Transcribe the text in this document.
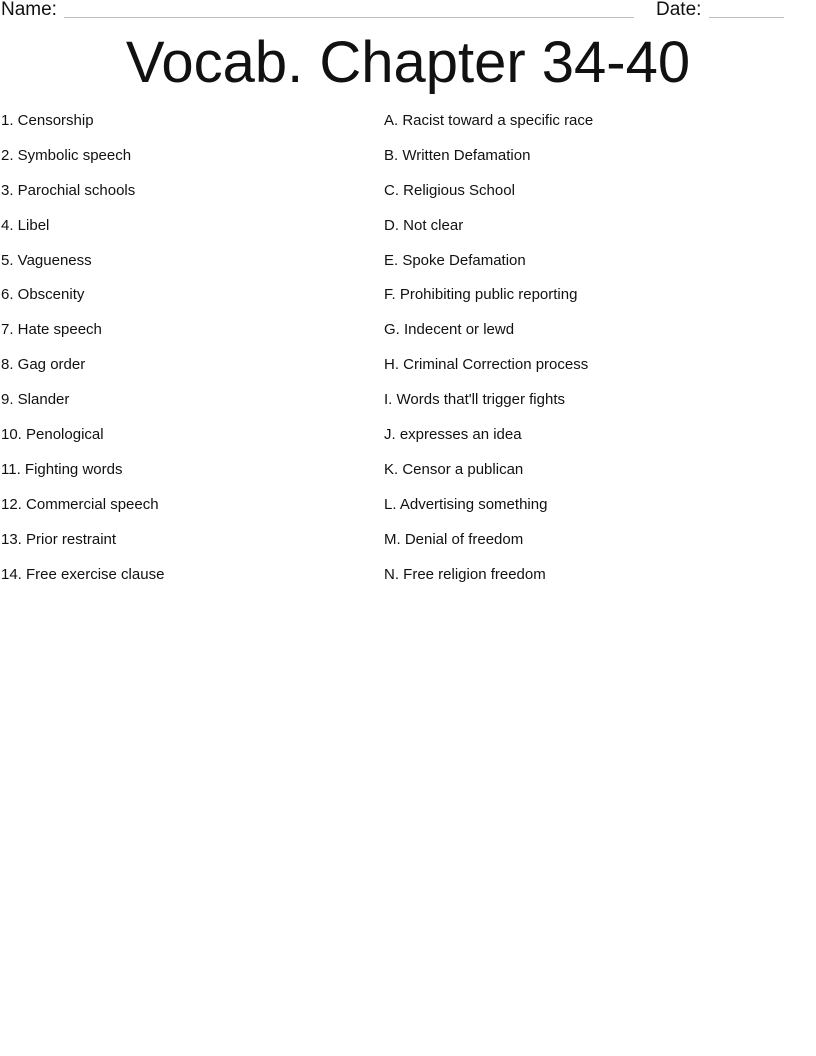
Name:	Date:
Vocab. Chapter 34-40
1. Censorship
2. Symbolic speech
3. Parochial schools
4. Libel
5. Vagueness
6. Obscenity
7. Hate speech
8. Gag order
9. Slander
10. Penological
11. Fighting words
12. Commercial speech
13. Prior restraint
14. Free exercise clause
A. Racist toward a specific race
B. Written Defamation
C. Religious School
D. Not clear
E. Spoke Defamation
F. Prohibiting public reporting
G. Indecent or lewd
H. Criminal Correction process
I. Words that'll trigger fights
J. expresses an idea
K. Censor a publican
L. Advertising something
M. Denial of freedom
N. Free religion freedom
